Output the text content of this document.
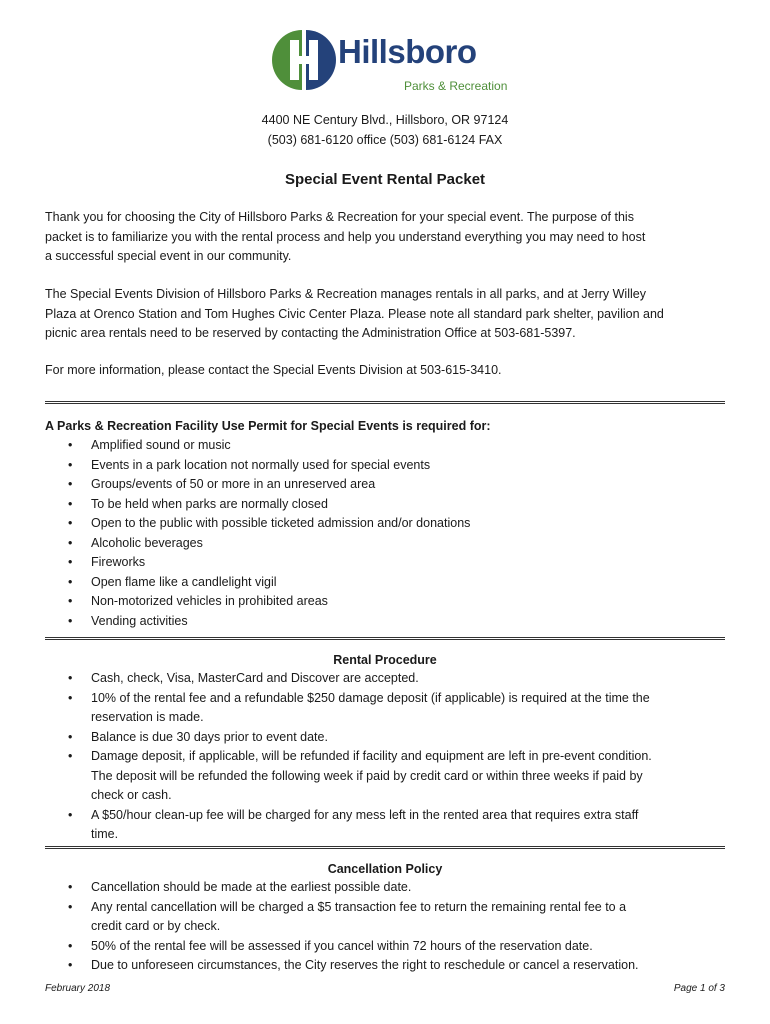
Hillsboro
Parks & Recreation
4400 NE Century Blvd., Hillsboro, OR 97124
(503) 681-6120 office (503) 681-6124 FAX
Special Event Rental Packet
Thank you for choosing the City of Hillsboro Parks & Recreation for your special event. The purpose of this
packet is to familiarize you with the rental process and help you understand everything you may need to host
a successful special event in our community.
The Special Events Division of Hillsboro Parks & Recreation manages rentals in all parks, and at Jerry Willey
Plaza at Orenco Station and Tom Hughes Civic Center Plaza. Please note all standard park shelter, pavilion and
picnic area rentals need to be reserved by contacting the Administration Office at 503-681-5397.
For more information, please contact the Special Events Division at 503-615-3410.
A Parks & Recreation Facility Use Permit for Special Events is required for:
• Amplified sound or music
• Events in a park location not normally used for special events
• Groups/events of 50 or more in an unreserved area
• To be held when parks are normally closed
• Open to the public with possible ticketed admission and/or donations
• Alcoholic beverages
• Fireworks
• Open flame like a candlelight vigil
• Non-motorized vehicles in prohibited areas
• Vending activities
Rental Procedure
• Cash, check, Visa, MasterCard and Discover are accepted.
• 10% of the rental fee and a refundable $250 damage deposit (if applicable) is required at the time the
reservation is made.
• Balance is due 30 days prior to event date.
• Damage deposit, if applicable, will be refunded if facility and equipment are left in pre-event condition.
The deposit will be refunded the following week if paid by credit card or within three weeks if paid by
check or cash.
• A $50/hour clean-up fee will be charged for any mess left in the rented area that requires extra staff
time.
Cancellation Policy
• Cancellation should be made at the earliest possible date.
• Any rental cancellation will be charged a $5 transaction fee to return the remaining rental fee to a
credit card or by check.
• 50% of the rental fee will be assessed if you cancel within 72 hours of the reservation date.
• Due to unforeseen circumstances, the City reserves the right to reschedule or cancel a reservation.
February 2018	Page 1 of 3
